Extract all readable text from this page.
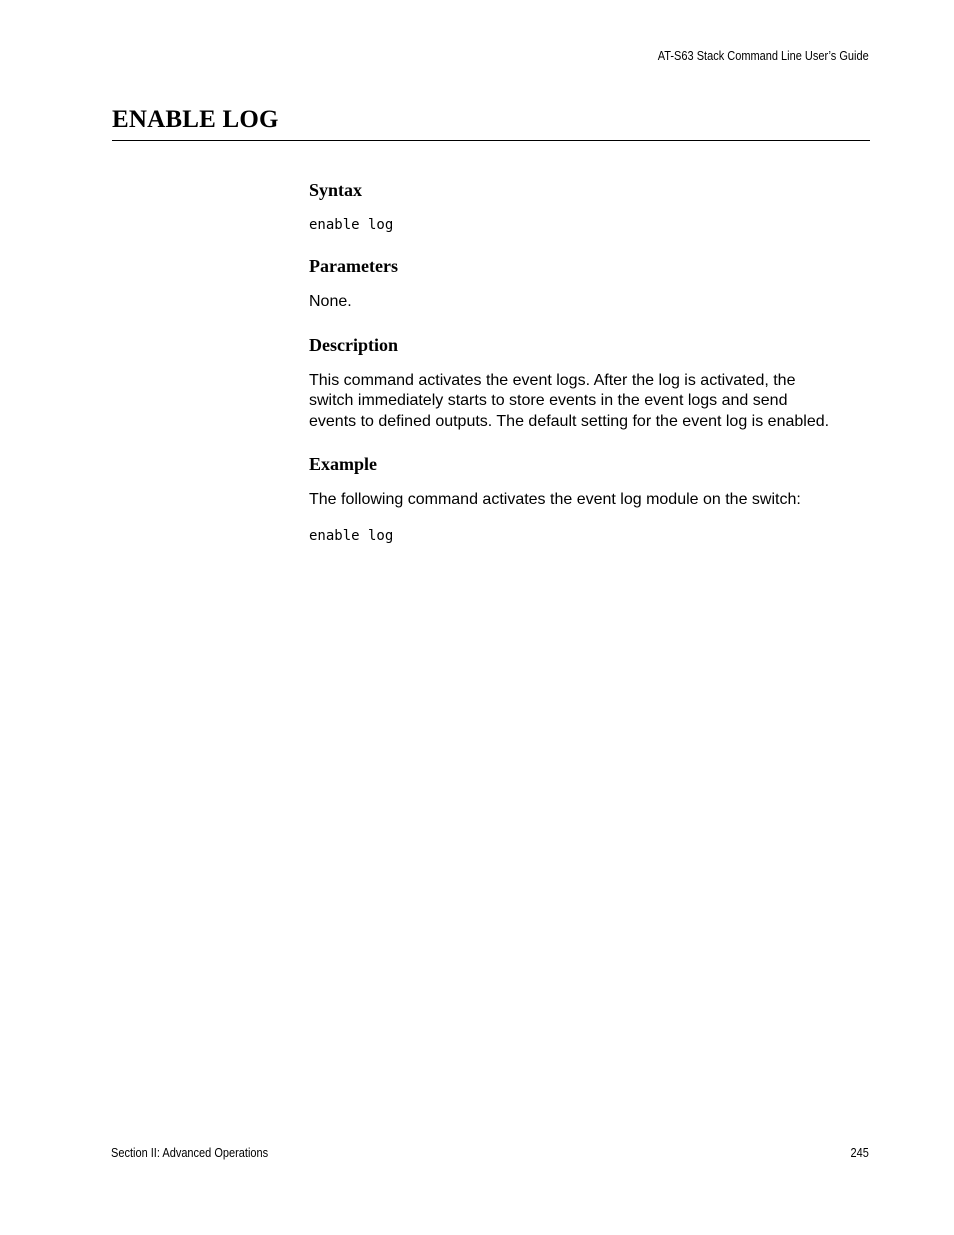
AT-S63 Stack Command Line User’s Guide
ENABLE LOG
Syntax

enable log

Parameters

None.

Description
This command activates the event logs. After the log is activated, the
switch immediately starts to store events in the event logs and send
events to defined outputs. The default setting for the event log is enabled.
Example

The following command activates the event log module on the switch:

enable log

Section II: Advanced Operations	245
